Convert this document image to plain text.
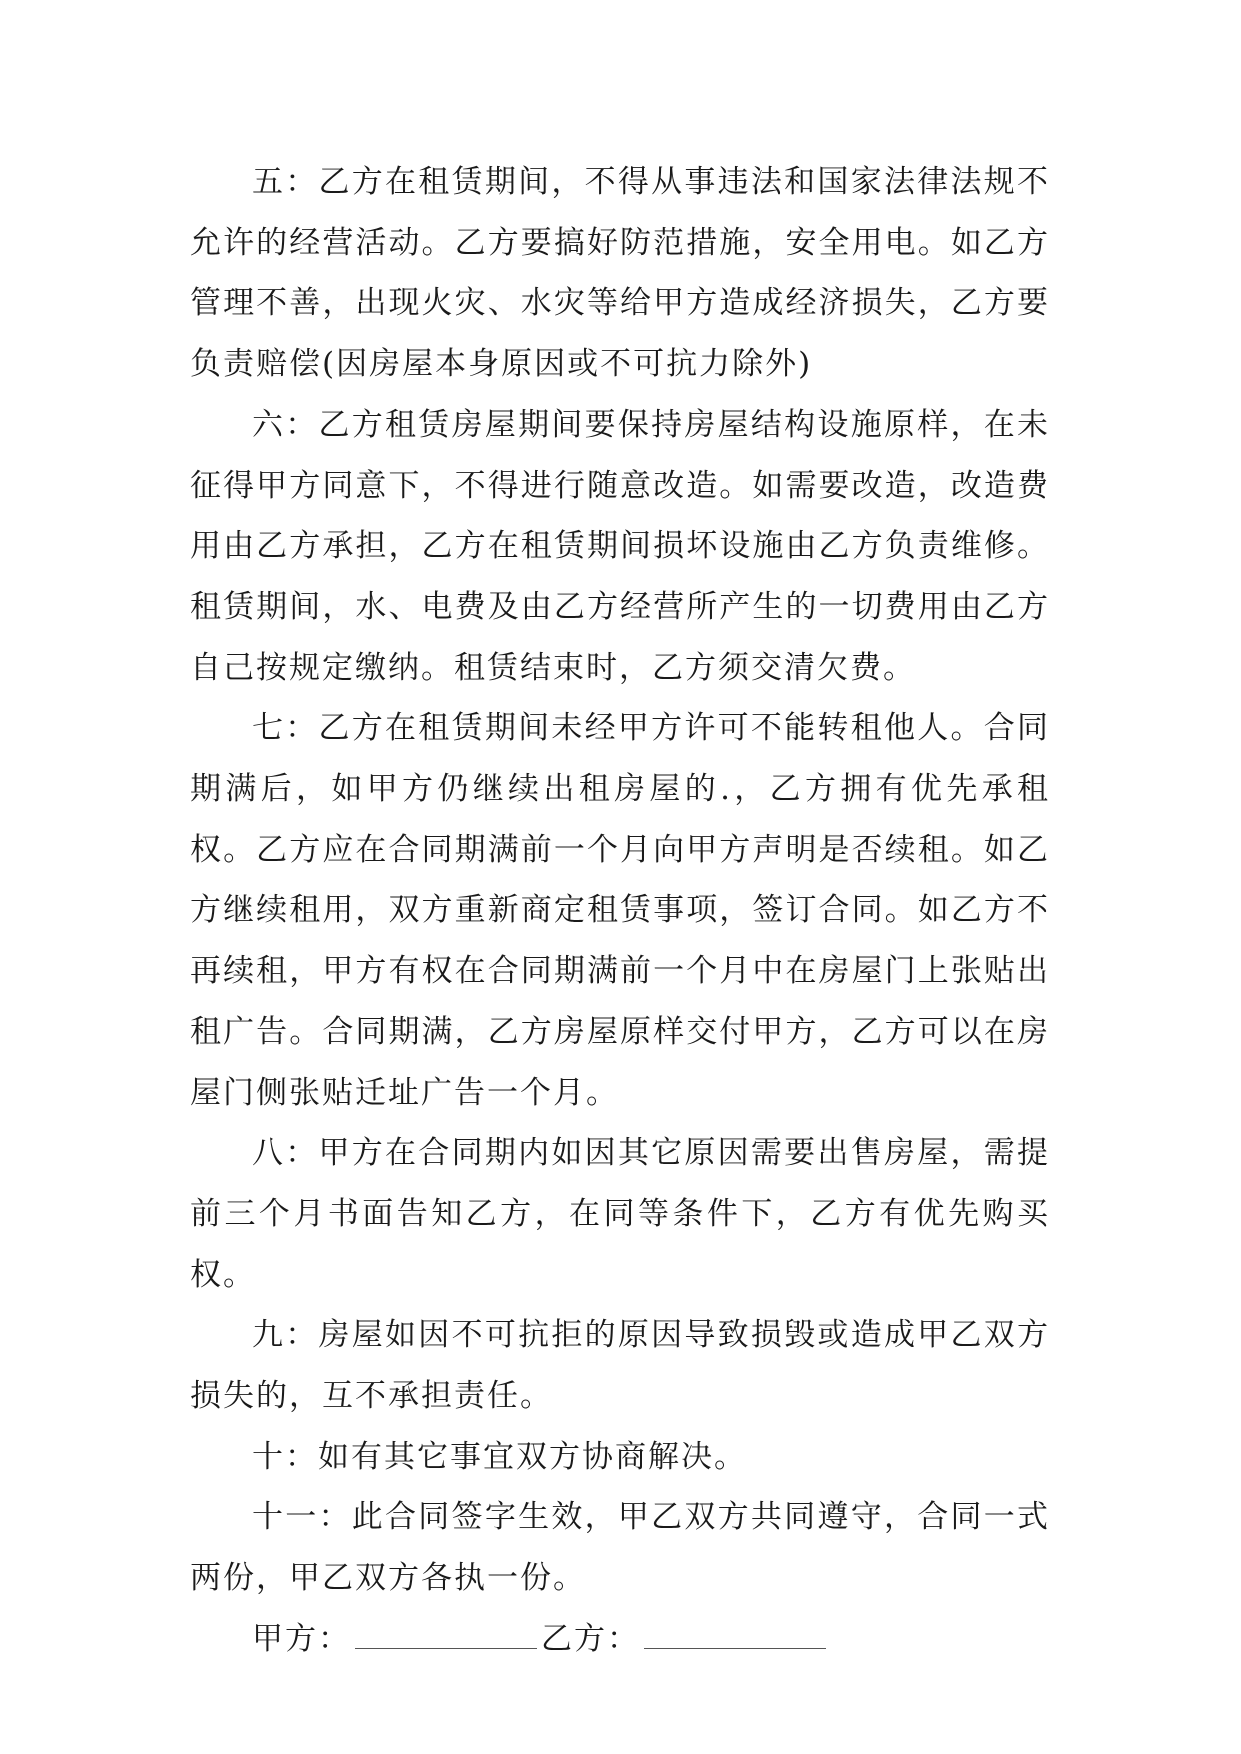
五：乙方在租赁期间，不得从事违法和国家法律法规不允许的经营活动。乙方要搞好防范措施，安全用电。如乙方管理不善，出现火灾、水灾等给甲方造成经济损失，乙方要负责赔偿(因房屋本身原因或不可抗力除外)

六：乙方租赁房屋期间要保持房屋结构设施原样，在未征得甲方同意下，不得进行随意改造。如需要改造，改造费用由乙方承担，乙方在租赁期间损坏设施由乙方负责维修。租赁期间，水、电费及由乙方经营所产生的一切费用由乙方自己按规定缴纳。租赁结束时，乙方须交清欠费。

七：乙方在租赁期间未经甲方许可不能转租他人。合同期满后，如甲方仍继续出租房屋的.，乙方拥有优先承租权。乙方应在合同期满前一个月向甲方声明是否续租。如乙方继续租用，双方重新商定租赁事项，签订合同。如乙方不再续租，甲方有权在合同期满前一个月中在房屋门上张贴出租广告。合同期满，乙方房屋原样交付甲方，乙方可以在房屋门侧张贴迁址广告一个月。

八：甲方在合同期内如因其它原因需要出售房屋，需提前三个月书面告知乙方，在同等条件下，乙方有优先购买权。

九：房屋如因不可抗拒的原因导致损毁或造成甲乙双方损失的，互不承担责任。

十：如有其它事宜双方协商解决。

十一：此合同签字生效，甲乙双方共同遵守，合同一式两份，甲乙双方各执一份。

甲方：	乙方：
